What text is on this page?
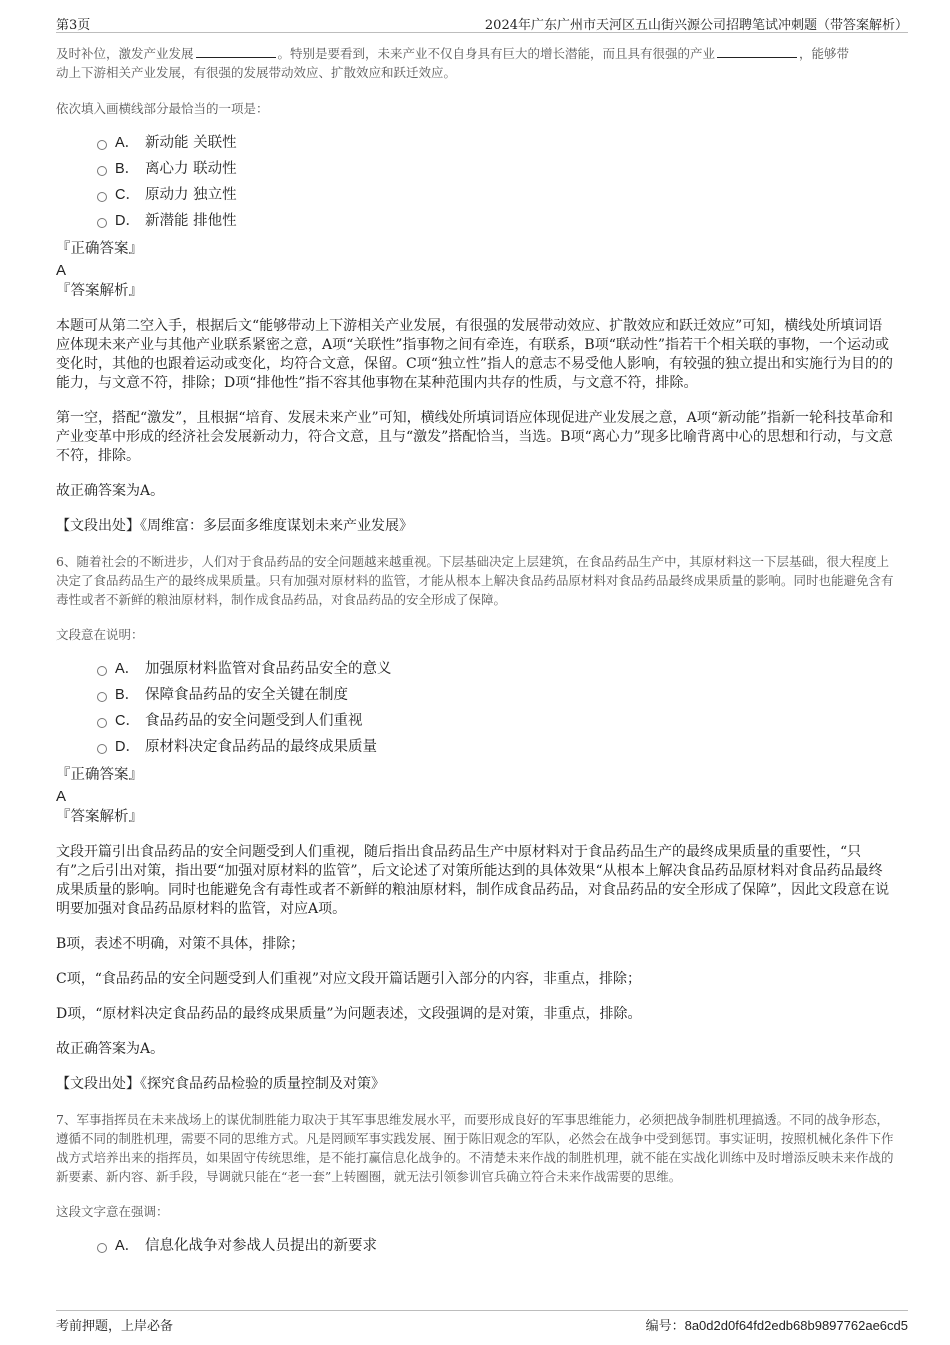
第3页	2024年广东广州市天河区五山街兴源公司招聘笔试冲刺题（带答案解析）

及时补位，激发产业发展	。特别是要看到，未来产业不仅自身具有巨大的增长潜能，而且具有很强的产业	，能够带

动上下游相关产业发展，有很强的发展带动效应、扩散效应和跃迁效应。

依次填入画横线部分最恰当的一项是：

A． 新动能 关联性
B． 离心力 联动性
C． 原动力 独立性
D． 新潜能 排他性

『正确答案』

A

『答案解析』

本题可从第二空入手，根据后文“能够带动上下游相关产业发展，有很强的发展带动效应、扩散效应和跃迁效应”可知，横线处所填词语应体现未来产业与其他产业联系紧密之意，A项“关联性”指事物之间有牵连，有联系，B项“联动性”指若干个相关联的事物，一个运动或变化时，其他的也跟着运动或变化，均符合文意，保留。C项“独立性”指人的意志不易受他人影响，有较强的独立提出和实施行为目的的能力，与文意不符，排除；D项“排他性”指不容其他事物在某种范围内共存的性质，与文意不符，排除。

第一空，搭配“激发”，且根据“培育、发展未来产业”可知，横线处所填词语应体现促进产业发展之意，A项“新动能”指新一轮科技革命和产业变革中形成的经济社会发展新动力，符合文意，且与“激发”搭配恰当，当选。B项“离心力”现多比喻背离中心的思想和行动，与文意不符，排除。

故正确答案为A。

【文段出处】《周维富：多层面多维度谋划未来产业发展》

6、随着社会的不断进步，人们对于食品药品的安全问题越来越重视。下层基础决定上层建筑，在食品药品生产中，其原材料这一下层基础，很大程度上决定了食品药品生产的最终成果质量。只有加强对原材料的监管，才能从根本上解决食品药品原材料对食品药品最终成果质量的影响。同时也能避免含有毒性或者不新鲜的粮油原材料，制作成食品药品，对食品药品的安全形成了保障。

文段意在说明：

A． 加强原材料监管对食品药品安全的意义
B． 保障食品药品的安全关键在制度
C． 食品药品的安全问题受到人们重视
D． 原材料决定食品药品的最终成果质量

『正确答案』

A

『答案解析』

文段开篇引出食品药品的安全问题受到人们重视，随后指出食品药品生产中原材料对于食品药品生产的最终成果质量的重要性，“只有”之后引出对策，指出要“加强对原材料的监管”，后文论述了对策所能达到的具体效果“从根本上解决食品药品原材料对食品药品最终成果质量的影响。同时也能避免含有毒性或者不新鲜的粮油原材料，制作成食品药品，对食品药品的安全形成了保障”，因此文段意在说明要加强对食品药品原材料的监管，对应A项。

B项，表述不明确，对策不具体，排除；

C项，“食品药品的安全问题受到人们重视”对应文段开篇话题引入部分的内容，非重点，排除；

D项，“原材料决定食品药品的最终成果质量”为问题表述，文段强调的是对策，非重点，排除。

故正确答案为A。

【文段出处】《探究食品药品检验的质量控制及对策》

7、军事指挥员在未来战场上的谋优制胜能力取决于其军事思维发展水平，而要形成良好的军事思维能力，必须把战争制胜机理搞透。不同的战争形态，遵循不同的制胜机理，需要不同的思维方式。凡是罔顾军事实践发展、囿于陈旧观念的军队，必然会在战争中受到惩罚。事实证明，按照机械化条件下作战方式培养出来的指挥员，如果固守传统思维，是不能打赢信息化战争的。不清楚未来作战的制胜机理，就不能在实战化训练中及时增添反映未来作战的新要素、新内容、新手段，导调就只能在“老一套”上转圈圈，就无法引领参训官兵确立符合未来作战需要的思维。

这段文字意在强调：

A． 信息化战争对参战人员提出的新要求
考前押题，上岸必备	编号：8a0d2d0f64fd2edb68b9897762ae6cd5
